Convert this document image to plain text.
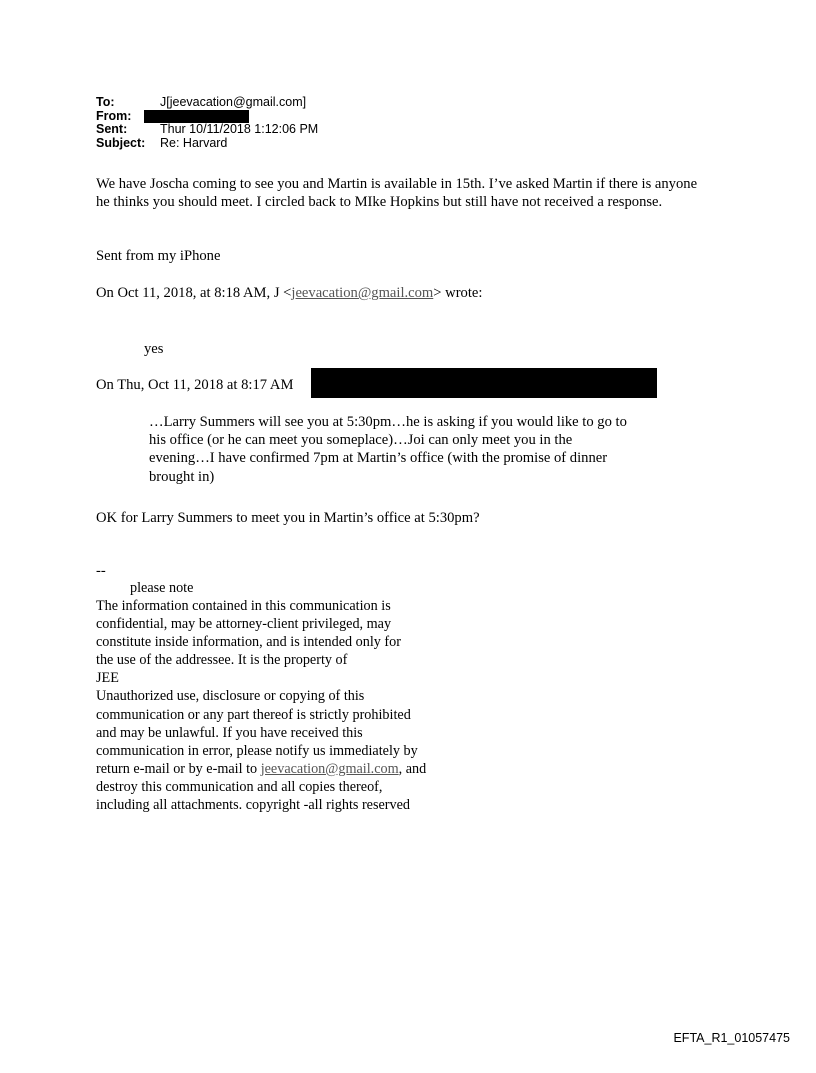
To:	J[jeevacation@gmail.com]
From:
Sent:	Thur 10/11/2018 1:12:06 PM
Subject:	Re: Harvard
We have Joscha coming to see you and Martin is available in 15th. I’ve asked Martin if there is anyone he thinks you should meet. I circled back to MIke Hopkins but still have not received a response.
Sent from my iPhone
On Oct 11, 2018, at 8:18 AM, J <jeevacation@gmail.com> wrote:
yes
On Thu, Oct 11, 2018 at 8:17 AM	wrote:
…Larry Summers will see you at 5:30pm…he is asking if you would like to go to
his office (or he can meet you someplace)…Joi can only meet you in the
evening…I have confirmed 7pm at Martin’s office (with the promise of dinner
brought in)
OK for Larry Summers to meet you in Martin’s office at 5:30pm?
--
please note
The information contained in this communication is
confidential, may be attorney-client privileged, may
constitute inside information, and is intended only for
the use of the addressee. It is the property of
JEE
Unauthorized use, disclosure or copying of this
communication or any part thereof is strictly prohibited
and may be unlawful. If you have received this
communication in error, please notify us immediately by
return e-mail or by e-mail to jeevacation@gmail.com, and
destroy this communication and all copies thereof,
including all attachments. copyright -all rights reserved
EFTA_R1_01057475
